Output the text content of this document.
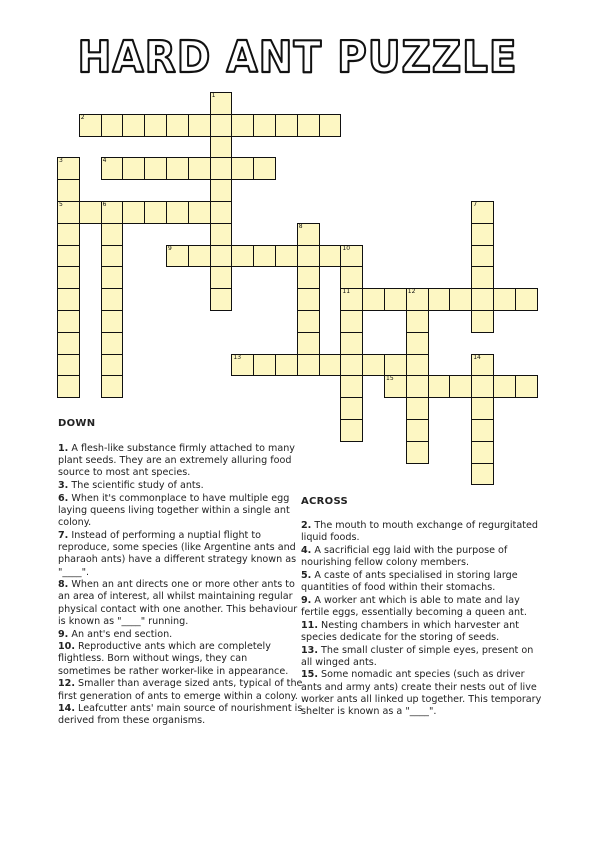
HARD ANT PUZZLE
1
2
3
5
4
6	7
8
9	10
11	12
13	14
15
DOWN
1. A flesh-like substance firmly attached to many plant seeds. They are an extremely alluring food source to most ant species.
3. The scientific study of ants.
6. When it's commonplace to have multiple egg laying queens living together within a single ant colony.
7. Instead of performing a nuptial flight to reproduce, some species (like Argentine ants and pharaoh ants) have a different strategy known as "____".
8. When an ant directs one or more other ants to an area of interest, all whilst maintaining regular physical contact with one another. This behaviour is known as "____" running.
9. An ant's end section.
10. Reproductive ants which are completely flightless. Born without wings, they can sometimes be rather worker-like in appearance.
12. Smaller than average sized ants, typical of the first generation of ants to emerge within a colony.
14. Leafcutter ants' main source of nourishment is derived from these organisms.
ACROSS
2. The mouth to mouth exchange of regurgitated liquid foods.
4. A sacrificial egg laid with the purpose of nourishing fellow colony members.
5. A caste of ants specialised in storing large quantities of food within their stomachs.
9. A worker ant which is able to mate and lay fertile eggs, essentially becoming a queen ant.
11. Nesting chambers in which harvester ant species dedicate for the storing of seeds.
13. The small cluster of simple eyes, present on all winged ants.
15. Some nomadic ant species (such as driver ants and army ants) create their nests out of live worker ants all linked up together. This temporary shelter is known as a "____".
